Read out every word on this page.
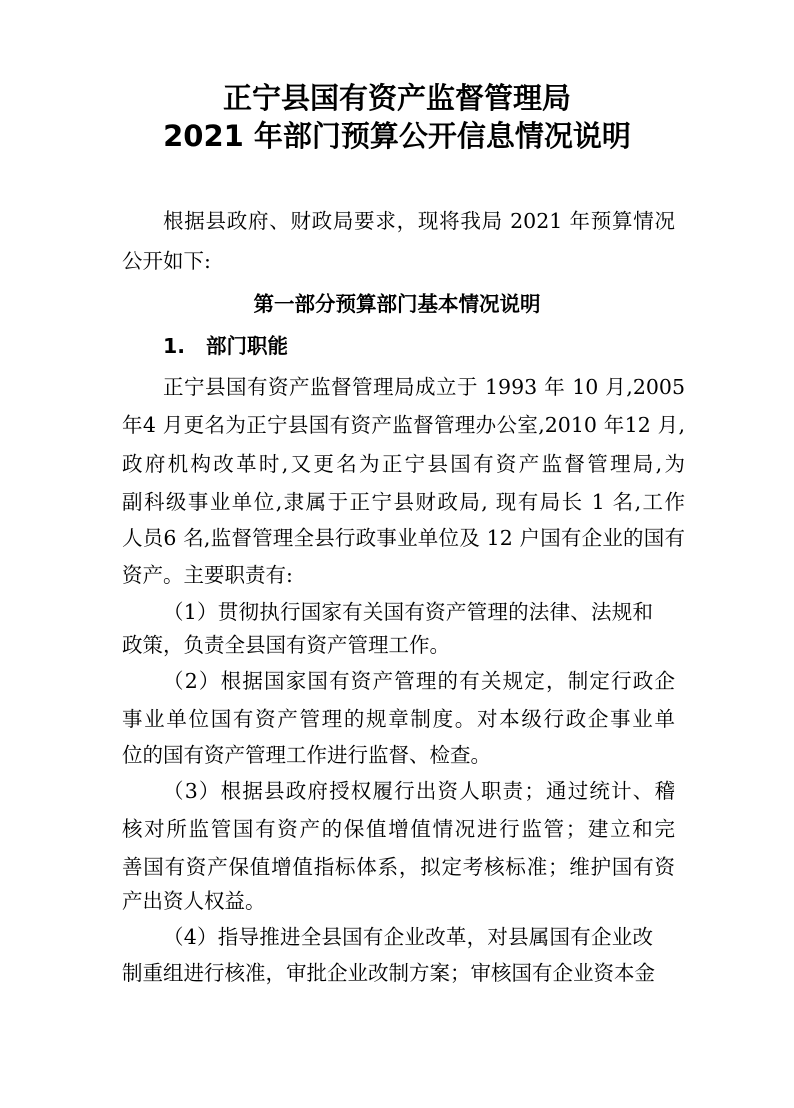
正宁县国有资产监督管理局
2021 年部门预算公开信息情况说明
根据县政府、财政局要求，现将我局 2021 年预算情况
公开如下:
第一部分预算部门基本情况说明
1. 部门职能
正宁县国有资产监督管理局成立于 1993 年 10 月,2005
年4 月更名为正宁县国有资产监督管理办公室,2010 年12 月,
政府机构改革时,又更名为正宁县国有资产监督管理局,为
副科级事业单位,隶属于正宁县财政局, 现有局长 1 名,工作
人员6 名,监督管理全县行政事业单位及 12 户国有企业的国有
资产。主要职责有:
（1）贯彻执行国家有关国有资产管理的法律、法规和
政策，负责全县国有资产管理工作。
（2）根据国家国有资产管理的有关规定，制定行政企
事业单位国有资产管理的规章制度。对本级行政企事业单
位的国有资产管理工作进行监督、检查。
（3）根据县政府授权履行出资人职责；通过统计、稽
核对所监管国有资产的保值增值情况进行监管；建立和完
善国有资产保值增值指标体系，拟定考核标准；维护国有资
产出资人权益。
（4）指导推进全县国有企业改革，对县属国有企业改
制重组进行核准，审批企业改制方案；审核国有企业资本金
